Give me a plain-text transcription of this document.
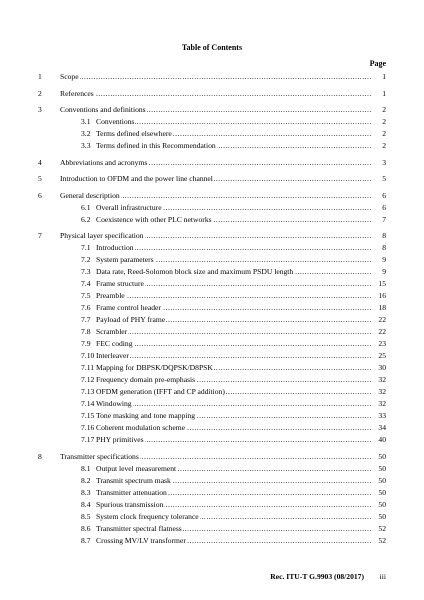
Table of Contents
Page
1 Scope .....	1
2 References .....	1
3 Conventions and definitions .....	2
3.1 Conventions .....	2
3.2 Terms defined elsewhere .....	2
3.3 Terms defined in this Recommendation .....	2
4 Abbreviations and acronyms .....	3
5 Introduction to OFDM and the power line channel .....	5
6 General description .....	6
6.1 Overall infrastructure .....	6
6.2 Coexistence with other PLC networks .....	7
7 Physical layer specification .....	8
7.1 Introduction .....	8
7.2 System parameters .....	9
7.3 Data rate, Reed-Solomon block size and maximum PSDU length .....	9
7.4 Frame structure .....	15
7.5 Preamble .....	16
7.6 Frame control header .....	18
7.7 Payload of PHY frame .....	22
7.8 Scrambler .....	22
7.9 FEC coding .....	23
7.10 Interleaver .....	25
7.11 Mapping for DBPSK/DQPSK/D8PSK .....	30
7.12 Frequency domain pre-emphasis .....	32
7.13 OFDM generation (IFFT and CP addition) .....	32
7.14 Windowing .....	32
7.15 Tone masking and tone mapping .....	33
7.16 Coherent modulation scheme .....	34
7.17 PHY primitives .....	40
8 Transmitter specifications .....	50
8.1 Output level measurement .....	50
8.2 Transmit spectrum mask .....	50
8.3 Transmitter attenuation .....	50
8.4 Spurious transmission .....	50
8.5 System clock frequency tolerance .....	50
8.6 Transmitter spectral flatness .....	52
8.7 Crossing MV/LV transformer .....	52
Rec. ITU-T G.9903 (08/2017) iii
